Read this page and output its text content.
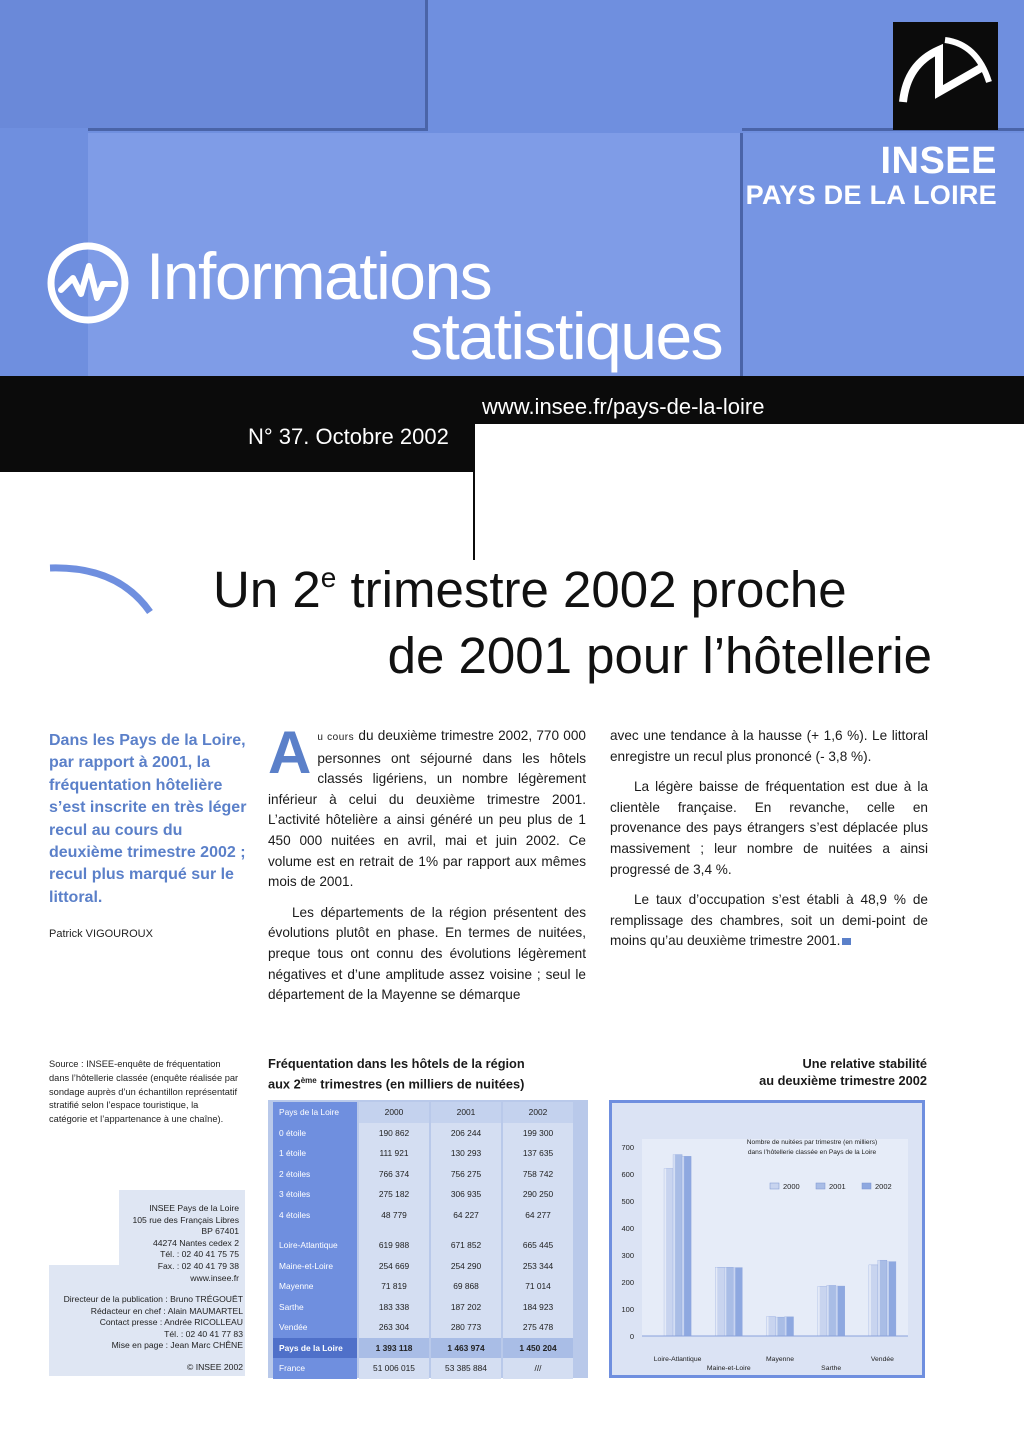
INSEE
PAYS DE LA LOIRE
Informations
statistiques
www.insee.fr/pays-de-la-loire
N° 37. Octobre 2002
Un 2e trimestre 2002 proche
de 2001 pour l’hôtellerie
Dans les Pays de la Loire, par rapport à 2001, la fréquentation hôtelière s’est inscrite en très léger recul au cours du deuxième trimestre 2002 ; recul plus marqué sur le littoral.
Patrick VIGOUROUX

Au cours du deuxième trimestre 2002, 770 000 personnes ont séjourné dans les hôtels classés ligériens, un nombre légèrement inférieur à celui du deuxième trimestre 2001. L’activité hôtelière a ainsi généré un peu plus de 1 450 000 nuitées en avril, mai et juin 2002. Ce volume est en retrait de 1% par rapport aux mêmes mois de 2001.

Les départements de la région présentent des évolutions plutôt en phase. En termes de nuitées, preque tous ont connu des évolutions légèrement négatives et d’une amplitude assez voisine ; seul le département de la Mayenne se démarque

avec une tendance à la hausse (+ 1,6 %). Le littoral enregistre un recul plus prononcé (- 3,8 %).

La légère baisse de fréquentation est due à la clientèle française. En revanche, celle en provenance des pays étrangers s’est déplacée plus massivement ; leur nombre de nuitées a ainsi progressé de 3,4 %.

Le taux d’occupation s’est établi à 48,9 % de remplissage des chambres, soit un demi-point de moins qu’au deuxième trimestre 2001.

Source : INSEE-enquête de fréquentation dans l’hôtellerie classée (enquête réalisée par sondage auprès d’un échantillon représentatif stratifié selon l’espace touristique, la catégorie et l’appartenance à une chaîne).
INSEE Pays de la Loire
105 rue des Français Libres
BP 67401
44274 Nantes cedex 2
Tél. : 02 40 41 75 75
Fax. : 02 40 41 79 38
www.insee.fr
Directeur de la publication : Bruno TRÉGOUËT
Rédacteur en chef : Alain MAUMARTEL
Contact presse : Andrée RICOLLEAU
Tél. : 02 40 41 77 83
Mise en page : Jean Marc CHÊNE
© INSEE 2002
Fréquentation dans les hôtels de la région
aux 2ème trimestres (en milliers de nuitées)
Pays de la Loire	2000	2001	2002
0 étoile	190 862	206 244	199 300
1 étoile	111 921	130 293	137 635
2 étoiles	766 374	756 275	758 742
3 étoiles	275 182	306 935	290 250
4 étoiles	48 779	64 227	64 277

Loire-Atlantique	619 988	671 852	665 445
Maine-et-Loire	254 669	254 290	253 344
Mayenne	71 819	69 868	71 014
Sarthe	183 338	187 202	184 923
Vendée	263 304	280 773	275 478
Pays de la Loire	1 393 118	1 463 974	1 450 204
France	51 006 015	53 385 884	///
Une relative stabilité
au deuxième trimestre 2002
0
100
200
300
400
500
600
700
Nombre de nuitées par trimestre (en milliers)
dans l’hôtellerie classée en Pays de la Loire
2000	2001	2002
Loire-Atlantique
Maine-et-Loire
Mayenne
Sarthe
Vendée
